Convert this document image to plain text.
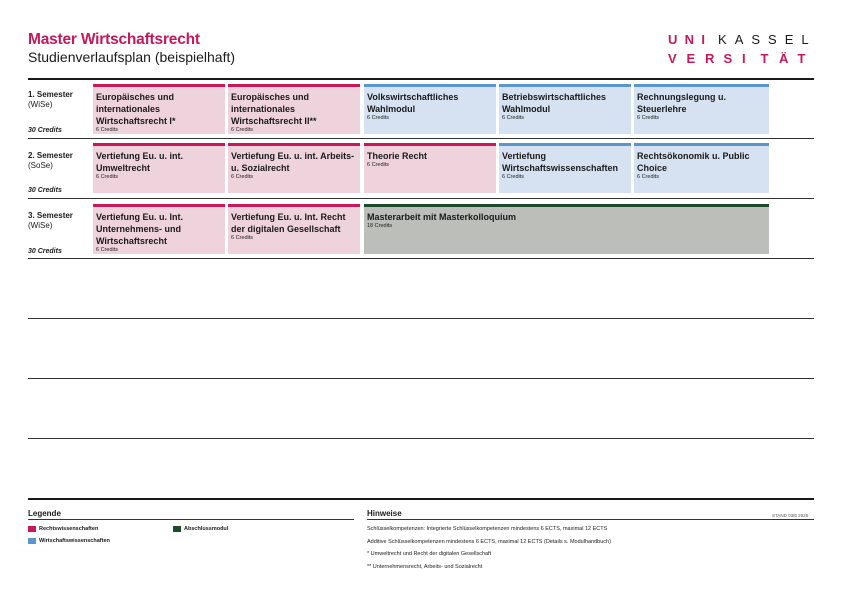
Master Wirtschaftsrecht
Studienverlaufsplan (beispielhaft)
U N I	K A S S E L
V E R S I	T Ä T
1. Semester
(WiSe)
30 Credits
Europäisches und internationales Wirtschaftsrecht I*
6 Credits
Europäisches und internationales Wirtschaftsrecht II**
6 Credits
Volkswirtschaftliches Wahlmodul
6 Credits
Betriebswirtschaftliches Wahlmodul
6 Credits
Rechnungslegung u. Steuerlehre
6 Credits
2. Semester
(SoSe)
30 Credits
Vertiefung Eu. u. int. Umweltrecht
6 Credits
Vertiefung Eu. u. int. Arbeits- u. Sozialrecht
6 Credits
Theorie Recht
6 Credits
Vertiefung Wirtschaftswissenschaften
6 Credits
Rechtsökonomik u. Public Choice
6 Credits
3. Semester
(WiSe)
30 Credits
Vertiefung Eu. u. Int. Unternehmens- und Wirtschaftsrecht
6 Credits
Vertiefung Eu. u. Int. Recht der digitalen Gesellschaft
6 Credits
Masterarbeit mit Masterkolloquium
18 Credits
Legende
Rechtswissenschaften
Wirtschaftswissenschaften
Abschlussmodul
Hinweise	STAND 03/6 2025
Schlüsselkompetenzen: Integrierte Schlüsselkompetenzen mindestens 6 ECTS, maximal 12 ECTS
Additive Schlüsselkompetenzen mindestens 6 ECTS, maximal 12 ECTS (Details s. Modulhandbuch)
* Umweltrecht und Recht der digitalen Gesellschaft
** Unternehmensrecht, Arbeits- und Sozialrecht
